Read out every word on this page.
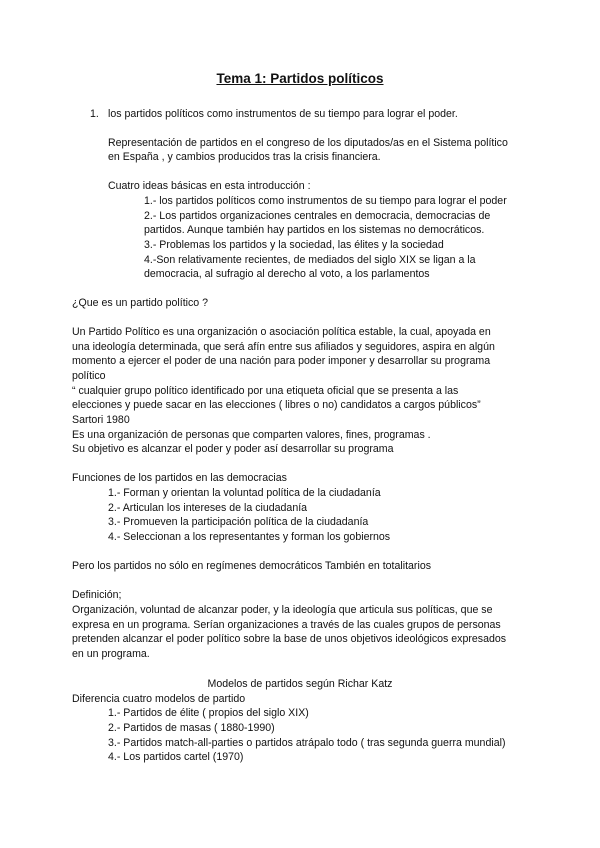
Tema 1: Partidos políticos
1. los partidos políticos como instrumentos de su tiempo para lograr el poder.
Representación de partidos en el congreso de los diputados/as en el Sistema político
en España , y cambios producidos tras la crisis financiera.
Cuatro ideas básicas en esta introducción :
1.- los partidos políticos como instrumentos de su tiempo para lograr el poder
2.- Los partidos organizaciones centrales en democracia, democracias de
partidos. Aunque también hay partidos en los sistemas no democráticos.
3.- Problemas los partidos y la sociedad, las élites y la sociedad
4.-Son relativamente recientes, de mediados del siglo XIX se ligan a la
democracia, al sufragio al derecho al voto, a los parlamentos
¿Que es un partido político ?
Un Partido Político es una organización o asociación política estable, la cual, apoyada en
una ideología determinada, que será afín entre sus afiliados y seguidores, aspira en algún
momento a ejercer el poder de una nación para poder imponer y desarrollar su programa
político
“ cualquier grupo político identificado por una etiqueta oficial que se presenta a las
elecciones y puede sacar en las elecciones ( libres o no) candidatos a cargos públicos”
Sartori 1980
Es una organización de personas que comparten valores, fines, programas .
Su objetivo es alcanzar el poder y poder así desarrollar su programa
Funciones de los partidos en las democracias
1.- Forman y orientan la voluntad política de la ciudadanía
2.- Articulan los intereses de la ciudadanía
3.- Promueven la participación política de la ciudadanía
4.- Seleccionan a los representantes y forman los gobiernos
Pero los partidos no sólo en regímenes democráticos También en totalitarios
Definición;
Organización, voluntad de alcanzar poder, y la ideología que articula sus políticas, que se
expresa en un programa. Serían organizaciones a través de las cuales grupos de personas
pretenden alcanzar el poder político sobre la base de unos objetivos ideológicos expresados
en un programa.
Modelos de partidos según Richar Katz
Diferencia cuatro modelos de partido
1.- Partidos de élite ( propios del siglo XIX)
2.- Partidos de masas ( 1880-1990)
3.- Partidos match-all-parties o partidos atrápalo todo ( tras segunda guerra mundial)
4.- Los partidos cartel (1970)
